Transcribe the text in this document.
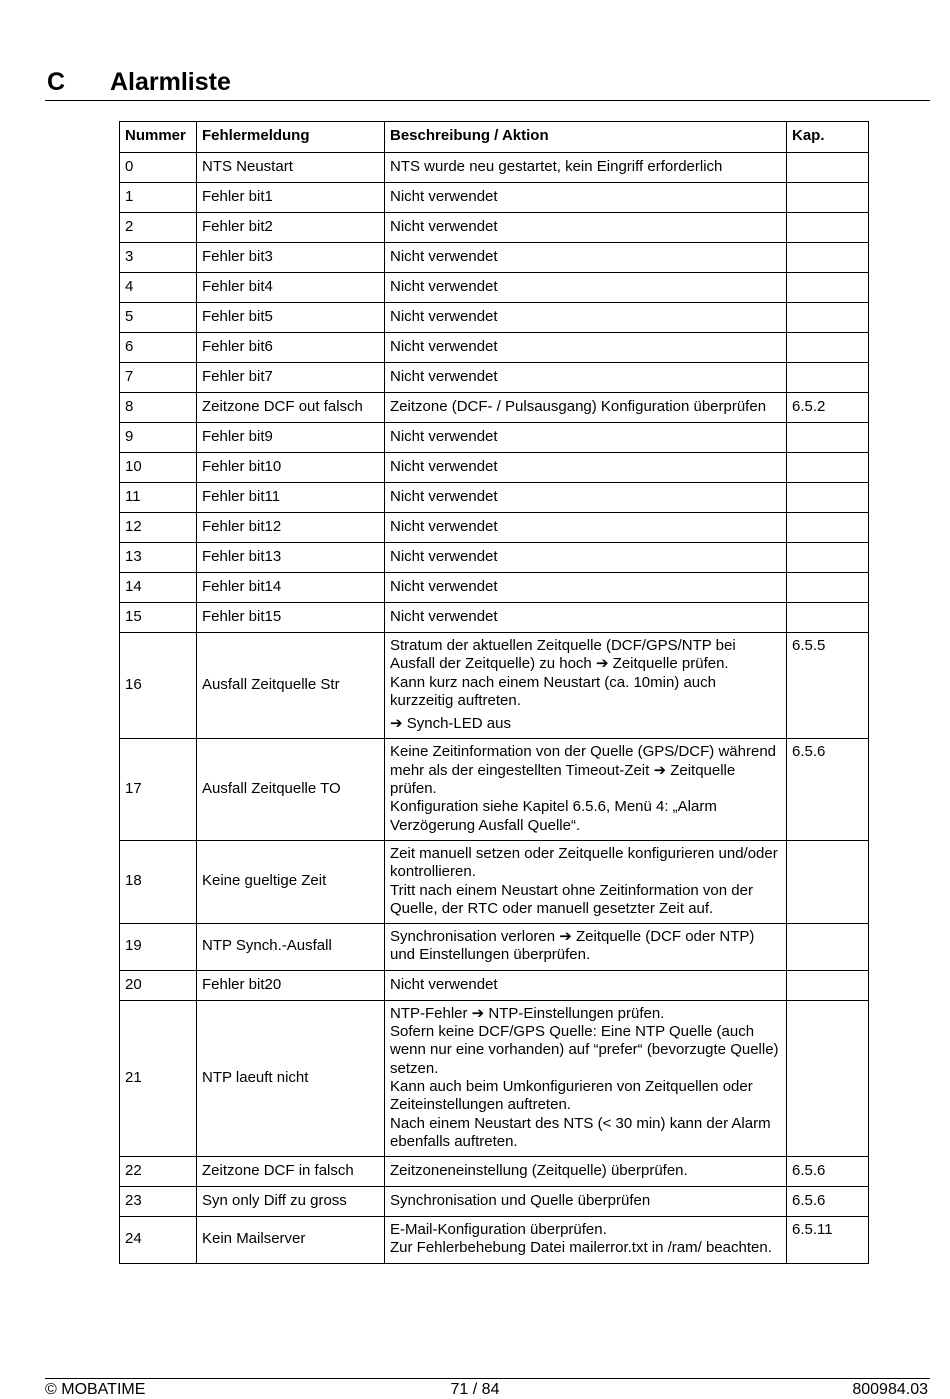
C Alarmliste
Nummer	Fehlermeldung	Beschreibung / Aktion	Kap.
0	NTS Neustart	NTS wurde neu gestartet, kein Eingriff erforderlich	

1	Fehler bit1	Nicht verwendet	

2	Fehler bit2	Nicht verwendet	

3	Fehler bit3	Nicht verwendet	

4	Fehler bit4	Nicht verwendet	

5	Fehler bit5	Nicht verwendet	

6	Fehler bit6	Nicht verwendet	

7	Fehler bit7	Nicht verwendet	

8	Zeitzone DCF out falsch	Zeitzone (DCF- / Pulsausgang) Konfiguration überprüfen	6.5.2
9	Fehler bit9	Nicht verwendet	

10	Fehler bit10	Nicht verwendet	

11	Fehler bit11	Nicht verwendet	

12	Fehler bit12	Nicht verwendet	

13	Fehler bit13	Nicht verwendet	

14	Fehler bit14	Nicht verwendet	

15	Fehler bit15	Nicht verwendet	

16	Ausfall Zeitquelle Str	Stratum der aktuellen Zeitquelle (DCF/GPS/NTP bei Ausfall der Zeitquelle) zu hoch ➔ Zeitquelle prüfen.
Kann kurz nach einem Neustart (ca. 10min) auch kurzzeitig auftreten.
➔ Synch-LED aus	6.5.5
17	Ausfall Zeitquelle TO	Keine Zeitinformation von der Quelle (GPS/DCF) während mehr als der eingestellten Timeout-Zeit ➔ Zeitquelle prüfen.
Konfiguration siehe Kapitel 6.5.6, Menü 4: „Alarm Verzögerung Ausfall Quelle“.	6.5.6
18	Keine gueltige Zeit	Zeit manuell setzen oder Zeitquelle konfigurieren und/oder kontrollieren.
Tritt nach einem Neustart ohne Zeitinformation von der Quelle, der RTC oder manuell gesetzter Zeit auf.	

19	NTP Synch.-Ausfall	Synchronisation verloren ➔ Zeitquelle (DCF oder NTP) und Einstellungen überprüfen.	

20	Fehler bit20	Nicht verwendet	

21	NTP laeuft nicht	NTP-Fehler ➔ NTP-Einstellungen prüfen.
Sofern keine DCF/GPS Quelle: Eine NTP Quelle (auch wenn nur eine vorhanden) auf “prefer“ (bevorzugte Quelle) setzen.
Kann auch beim Umkonfigurieren von Zeitquellen oder Zeiteinstellungen auftreten.
Nach einem Neustart des NTS (< 30 min) kann der Alarm ebenfalls auftreten.	

22	Zeitzone DCF in falsch	Zeitzoneneinstellung (Zeitquelle) überprüfen.	6.5.6
23	Syn only Diff zu gross	Synchronisation und Quelle überprüfen	6.5.6
24	Kein Mailserver	E-Mail-Konfiguration überprüfen.
Zur Fehlerbehebung Datei mailerror.txt in /ram/ beachten.	6.5.11
© MOBATIME	71 / 84	800984.03
